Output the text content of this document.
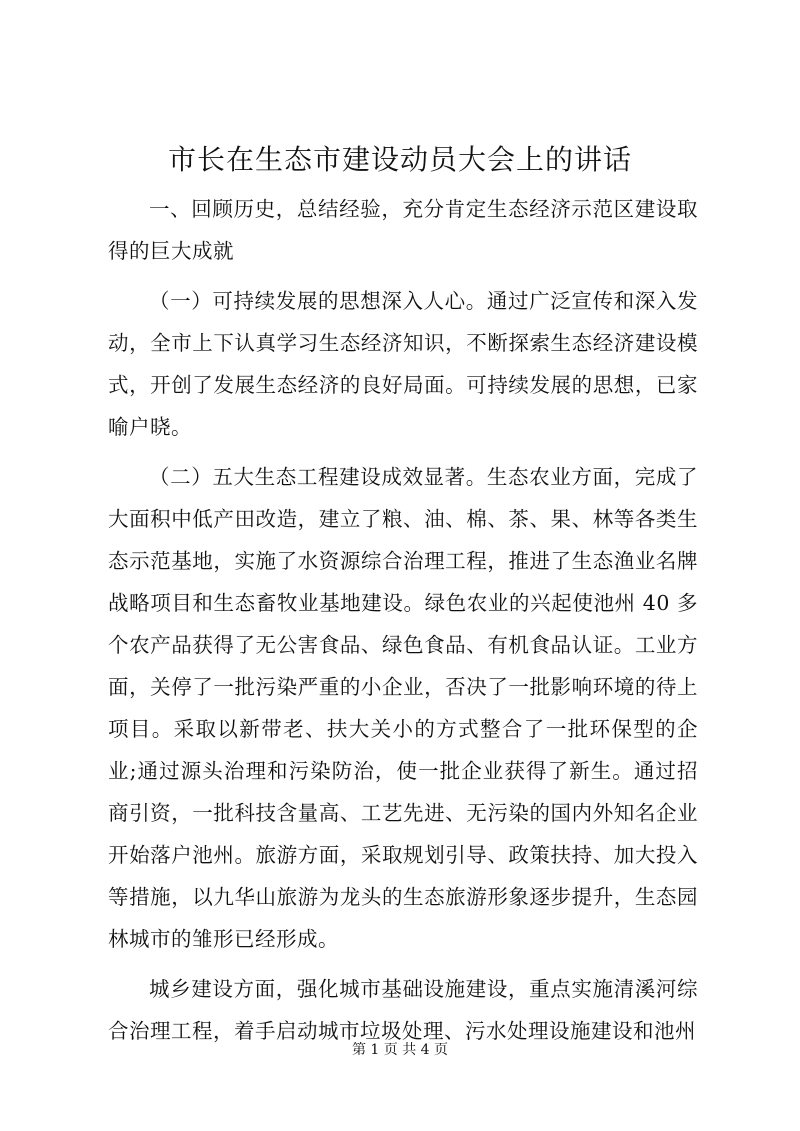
市长在生态市建设动员大会上的讲话

一、回顾历史，总结经验，充分肯定生态经济示范区建设取得的巨大成就

（一）可持续发展的思想深入人心。通过广泛宣传和深入发动，全市上下认真学习生态经济知识，不断探索生态经济建设模式，开创了发展生态经济的良好局面。可持续发展的思想，已家喻户晓。

（二）五大生态工程建设成效显著。生态农业方面，完成了大面积中低产田改造，建立了粮、油、棉、茶、果、林等各类生态示范基地，实施了水资源综合治理工程，推进了生态渔业名牌战略项目和生态畜牧业基地建设。绿色农业的兴起使池州 40 多个农产品获得了无公害食品、绿色食品、有机食品认证。工业方面，关停了一批污染严重的小企业，否决了一批影响环境的待上项目。采取以新带老、扶大关小的方式整合了一批环保型的企业;通过源头治理和污染防治，使一批企业获得了新生。通过招商引资，一批科技含量高、工艺先进、无污染的国内外知名企业开始落户池州。旅游方面，采取规划引导、政策扶持、加大投入等措施，以九华山旅游为龙头的生态旅游形象逐步提升，生态园林城市的雏形已经形成。

城乡建设方面，强化城市基础设施建设，重点实施清溪河综合治理工程，着手启动城市垃圾处理、污水处理设施建设和池州

第 1 页 共 4 页
